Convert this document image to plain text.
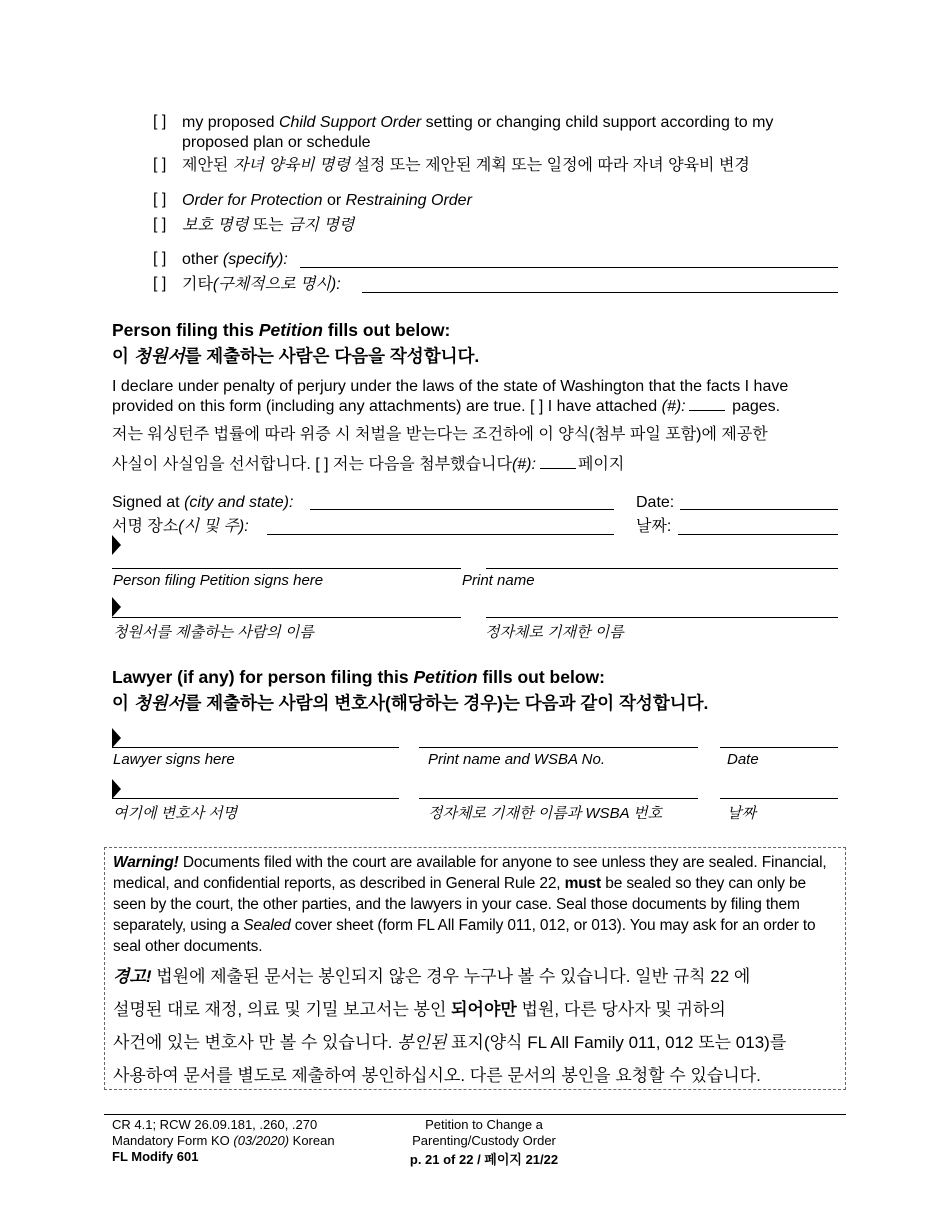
[ ] my proposed Child Support Order setting or changing child support according to my proposed plan or schedule
[ ] 제안된 자녀 양육비 명령 설정 또는 제안된 계획 또는 일정에 따라 자녀 양육비 변경
[ ] Order for Protection or Restraining Order
[ ] 보호 명령 또는 금지 명령
[ ] other (specify):
[ ] 기타(구체적으로 명시):
Person filing this Petition fills out below:
이 청원서를 제출하는 사람은 다음을 작성합니다.
I declare under penalty of perjury under the laws of the state of Washington that the facts I have
provided on this form (including any attachments) are true. [ ] I have attached (#):	pages.
저는 워싱턴주 법률에 따라 위증 시 처벌을 받는다는 조건하에 이 양식(첨부 파일 포함)에 제공한
사실이 사실임을 선서합니다. [ ] 저는 다음을 첨부했습니다(#):	페이지
Signed at (city and state):	Date:
서명 장소(시 및 주):	날짜:
Person filing Petition signs here	Print name
청원서를 제출하는 사람의 이름	정자체로 기재한 이름
Lawyer (if any) for person filing this Petition fills out below:
이 청원서를 제출하는 사람의 변호사(해당하는 경우)는 다음과 같이 작성합니다.
Lawyer signs here	Print name and WSBA No.	Date
여기에 변호사 서명	정자체로 기재한 이름과 WSBA 번호	날짜
Warning! Documents filed with the court are available for anyone to see unless they are sealed. Financial, medical, and confidential reports, as described in General Rule 22, must be sealed so they can only be seen by the court, the other parties, and the lawyers in your case. Seal those documents by filing them separately, using a Sealed cover sheet (form FL All Family 011, 012, or 013). You may ask for an order to seal other documents.
경고! 법원에 제출된 문서는 봉인되지 않은 경우 누구나 볼 수 있습니다. 일반 규칙 22 에
설명된 대로 재정, 의료 및 기밀 보고서는 봉인 되어야만 법원, 다른 당사자 및 귀하의
사건에 있는 변호사 만 볼 수 있습니다. 봉인된 표지(양식 FL All Family 011, 012 또는 013)를
사용하여 문서를 별도로 제출하여 봉인하십시오. 다른 문서의 봉인을 요청할 수 있습니다.
CR 4.1; RCW 26.09.181, .260, .270
Mandatory Form KO (03/2020) Korean
FL Modify 601
Petition to Change a
Parenting/Custody Order
p. 21 of 22 / 페이지 21/22
